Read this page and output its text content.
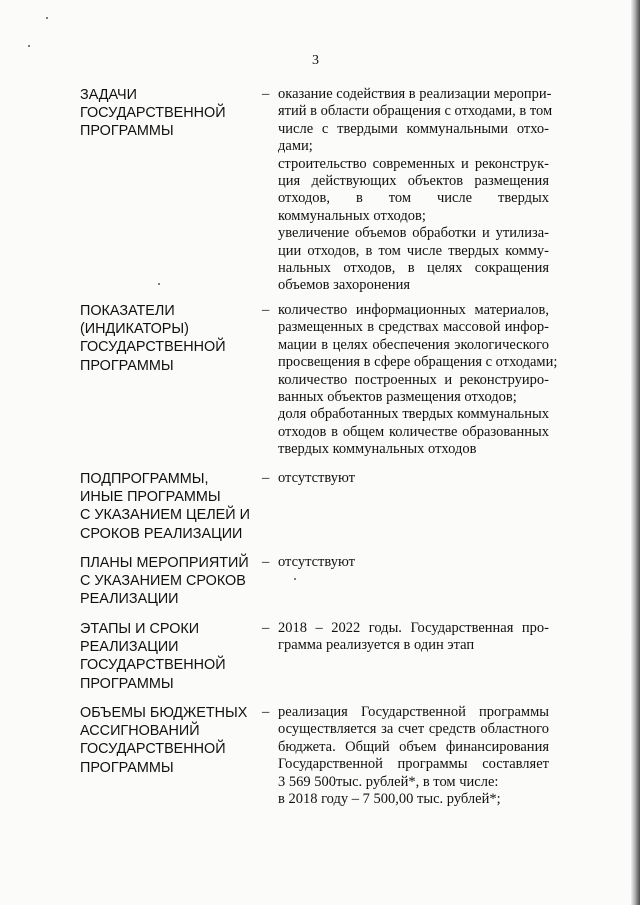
3
ЗАДАЧИ
ГОСУДАРСТВЕННОЙ
ПРОГРАММЫ
– оказание содействия в реализации меропри-
ятий в области обращения с отходами, в том
числе с твердыми коммунальными отхо-
дами;
строительство современных и реконструк-
ция действующих объектов размещения
отходов, в том числе твердых
коммунальных отходов;
увеличение объемов обработки и утилиза-
ции отходов, в том числе твердых комму-
нальных отходов, в целях сокращения
объемов захоронения
ПОКАЗАТЕЛИ
(ИНДИКАТОРЫ)
ГОСУДАРСТВЕННОЙ
ПРОГРАММЫ
– количество информационных материалов,
размещенных в средствах массовой инфор-
мации в целях обеспечения экологического
просвещения в сфере обращения с отходами;
количество построенных и реконструиро-
ванных объектов размещения отходов;
доля обработанных твердых коммунальных
отходов в общем количестве образованных
твердых коммунальных отходов
ПОДПРОГРАММЫ,
ИНЫЕ ПРОГРАММЫ
С УКАЗАНИЕМ ЦЕЛЕЙ И
СРОКОВ РЕАЛИЗАЦИИ
– отсутствуют
ПЛАНЫ МЕРОПРИЯТИЙ
С УКАЗАНИЕМ СРОКОВ
РЕАЛИЗАЦИИ
– отсутствуют
ЭТАПЫ И СРОКИ
РЕАЛИЗАЦИИ
ГОСУДАРСТВЕННОЙ
ПРОГРАММЫ
– 2018 – 2022 годы. Государственная про-
грамма реализуется в один этап
ОБЪЕМЫ БЮДЖЕТНЫХ
АССИГНОВАНИЙ
ГОСУДАРСТВЕННОЙ
ПРОГРАММЫ
– реализация Государственной программы
осуществляется за счет средств областного
бюджета. Общий объем финансирования
Государственной программы составляет
3 569 500тыс. рублей*, в том числе:
в 2018 году – 7 500,00 тыс. рублей*;
